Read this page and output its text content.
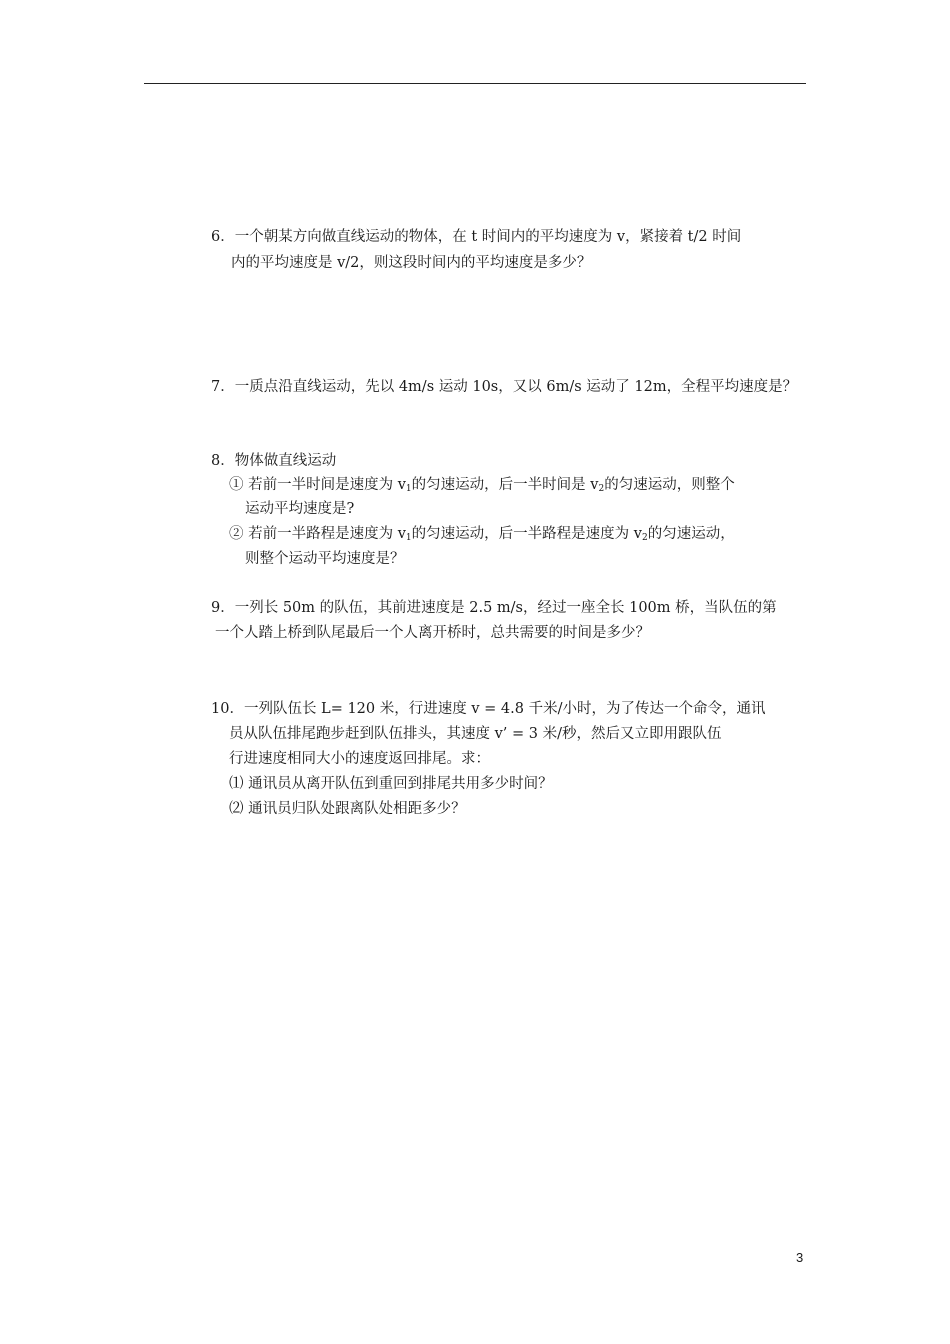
6．一个朝某方向做直线运动的物体，在 t 时间内的平均速度为 v，紧接着 t/2 时间
内的平均速度是 v/2，则这段时间内的平均速度是多少？
7．一质点沿直线运动，先以 4m/s 运动 10s，又以 6m/s 运动了 12m，全程平均速度是？
8．物体做直线运动
① 若前一半时间是速度为 $v_1$的匀速运动，后一半时间是 $v_2$的匀速运动，则整个
运动平均速度是?
② 若前一半路程是速度为 $v_1$的匀速运动，后一半路程是速度为 $v_2$的匀速运动，
则整个运动平均速度是？
9．一列长 50m 的队伍，其前进速度是 2.5 m/s，经过一座全长 100m 桥，当队伍的第
一个人踏上桥到队尾最后一个人离开桥时，总共需要的时间是多少？
10．一列队伍长 L= 120 米，行进速度 v = 4.8 千米/小时，为了传达一个命令，通讯
员从队伍排尾跑步赶到队伍排头，其速度 v’ = 3 米/秒，然后又立即用跟队伍
行进速度相同大小的速度返回排尾。求：
⑴ 通讯员从离开队伍到重回到排尾共用多少时间？
⑵ 通讯员归队处跟离队处相距多少？
3
